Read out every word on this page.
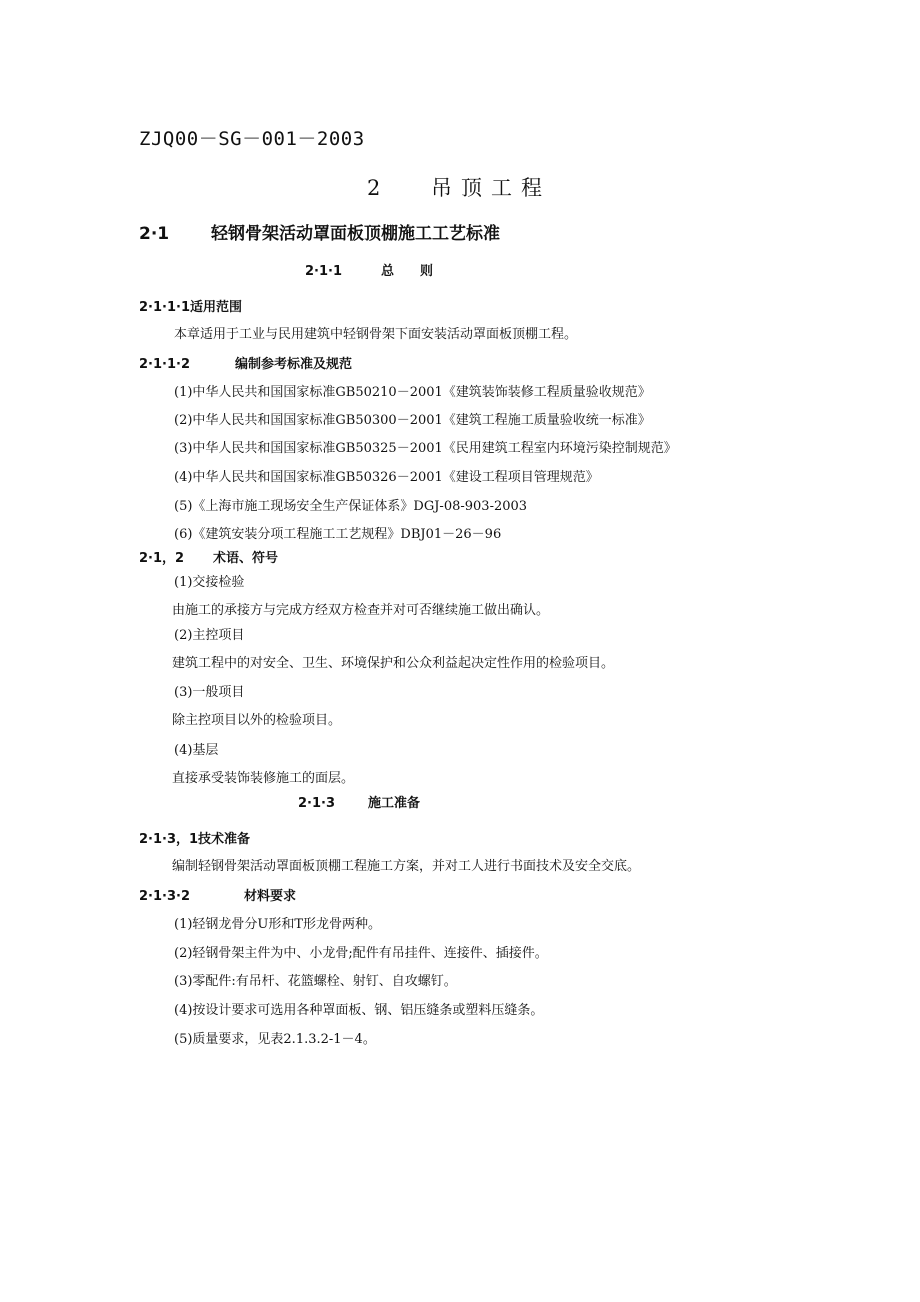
ZJQ00－SG－001－2003
2 吊顶工程
2·1 轻钢骨架活动罩面板顶棚施工工艺标准
2·1·1	总　　则
2·1·1·1适用范围
本章适用于工业与民用建筑中轻钢骨架下面安装活动罩面板顶棚工程。
2·1·1·2	编制参考标准及规范
(1)中华人民共和国国家标准GB50210－2001《建筑装饰装修工程质量验收规范》
(2)中华人民共和国国家标准GB50300－2001《建筑工程施工质量验收统一标准》
(3)中华人民共和国国家标准GB50325－2001《民用建筑工程室内环境污染控制规范》
(4)中华人民共和国国家标准GB50326－2001《建设工程项目管理规范》
(5)《上海市施工现场安全生产保证体系》DGJ-08-903-2003
(6)《建筑安装分项工程施工工艺规程》DBJ01－26－96
2·1，2 术语、符号
(1)交接检验
由施工的承接方与完成方经双方检查并对可否继续施工做出确认。
(2)主控项目
建筑工程中的对安全、卫生、环境保护和公众利益起决定性作用的检验项目。
(3)一般项目
除主控项目以外的检验项目。
(4)基层
直接承受装饰装修施工的面层。
2·1·3	施工准备
2·1·3，1技术准备
编制轻钢骨架活动罩面板顶棚工程施工方案，并对工人进行书面技术及安全交底。
2·1·3·2	材料要求
(1)轻钢龙骨分U形和T形龙骨两种。
(2)轻钢骨架主件为中、小龙骨;配件有吊挂件、连接件、插接件。
(3)零配件:有吊杆、花篮螺栓、射钉、自攻螺钉。
(4)按设计要求可选用各种罩面板、钢、铝压缝条或塑料压缝条。
(5)质量要求，见表2.1.3.2-1－4。
